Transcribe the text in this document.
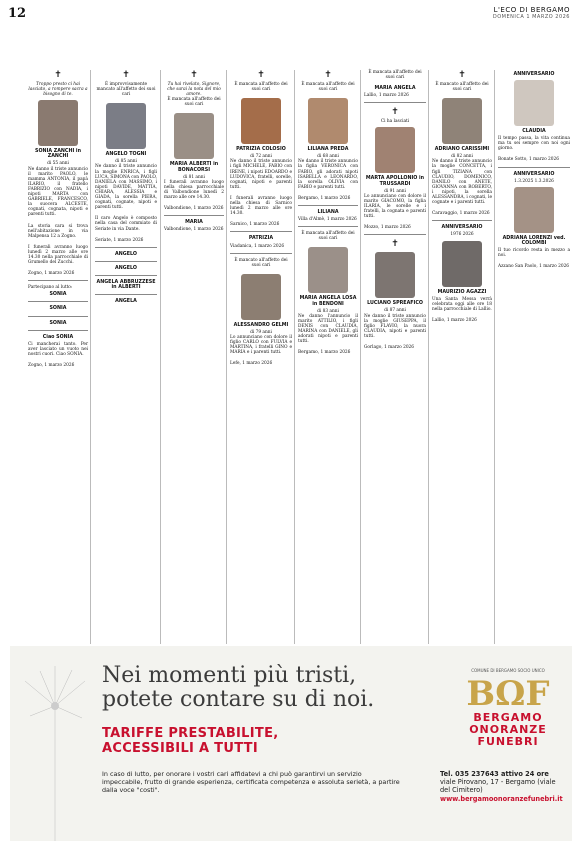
12	L'ECO DI BERGAMO
DOMENICA 1 MARZO 2026
✝
Troppo presto ci hai lasciato, a rompere sacra a bisogno di te.
SONIA ZANCHI in ZANCHI
di 55 anni
Ne danno il triste annuncio il marito PAOLO, le mamma ANTONIA, il papà ILARIO, il fratello FABRIZIO con NADIA, i nipoti MARTA con GABRIELE, FRANCESCO, la suocera ALCESTE, cognati, cognata, nipoti e parenti tutti.
La storia cara si trova nell'abitazione in via Malpensa 12 a Zogno.
I funerali avranno luogo lunedì 2 marzo alle ore 14.30 nella parrocchiale di Grumello del Zucchi.
Zogno, 1 marzo 2026
Partecipano al lutto:
SONIA
SONIA
SONIA
Ciao SONIA
Ci mancherai tanto. Per aver lasciato un vuoto nei nostri cuori. Ciao SONIA.
Zogno, 1 marzo 2026
✝
È improvvisamente mancato all'affetto dei suoi cari
ANGELO TOGNI
di 85 anni
Ne danno il triste annuncio la moglie ENRICA, i figli LUCA, SIMONA con PAOLO, DANIELA con MASSIMO, i nipoti DAVIDE, MATTIA, CHIARA, ALESSIA e GIADA, la sorella PIERA, cognati, cognate, nipoti e parenti tutti.
Il caro Angelo è composto nella casa del commiato di Seriate in via Dante.
Seriate, 1 marzo 2026
ANGELO
ANGELO
ANGELA ABBRUZZESE in ALBERTI
ANGELA
✝
Tu hai rivelato, Signore, che sarai la nota del mio amore.
È mancata all'affetto dei suoi cari
MARIA ALBERTI in BONACORSI
di 81 anni
I funerali avranno luogo nella chiesa parrocchiale di Valbondione lunedì 2 marzo alle ore 14.30.
Valbondione, 1 marzo 2026
MARIA
Valbondione, 1 marzo 2026
✝
È mancata all'affetto dei suoi cari
PATRIZIA COLOSIO
di 72 anni
Ne danno il triste annuncio i figli MICHELE, FABIO con IRENE, i nipoti EDOARDO e LUDOVICA, fratelli, sorelle, cognati, nipoti e parenti tutti.
I funerali avranno luogo nella chiesa di Sarnico lunedì 2 marzo alle ore 14.30.
Sarnico, 1 marzo 2026
PATRIZIA
Viadanica, 1 marzo 2026
È mancato all'affetto dei suoi cari
ALESSANDRO GELMI
di 79 anni
Lo annunciano con dolore il figlio CARLO con FULVIA e MARTINA, i fratelli GINO e MARIA e i parenti tutti.
Lefe, 1 marzo 2026
✝
È mancata all'affetto dei suoi cari
LILIANA PREDA
di 68 anni
Ne danno il triste annuncio la figlia VERONICA con FABIO, gli adorati nipoti ISABELLA e LEONARDO, la sorella OLIVIA con FABIO e parenti tutti.
Bergamo, 1 marzo 2026
LILIANA
Villa d'Almè, 1 marzo 2026
È mancata all'affetto dei suoi cari
MARIA ANGELA LOSA in BENDONI
di 83 anni
Ne danno l'annuncio il marito ATTILIO, i figli DENIS con CLAUDIA, MARINA con DANIELE, gli adorati nipoti e parenti tutti.
Bergamo, 1 marzo 2026
È mancata all'affetto dei suoi cari
MARIA ANGELA
Lallio, 1 marzo 2026
✝
Ci ha lasciati
MARTA APOLLONIO in TRUSSARDI
di 91 anni
Lo annunciano con dolore il marito GIACOMO, la figlia ILARIA, le sorelle e i fratelli, la cognata e parenti tutti.
Mozzo, 1 marzo 2026
✝
LUCIANO SPREAFICO
di 87 anni
Ne danno il triste annuncio la moglie GIUSEPPA, il figlio FLAVIO, la nuora CLAUDIA, nipoti e parenti tutti.
Gorlago, 1 marzo 2026
✝
È mancato all'affetto dei suoi cari
ADRIANO CARISSIMI
di 82 anni
Ne danno il triste annuncio la moglie CONCETTA, i figli TIZIANA con CLAUDIO, DOMENICO, DANILO con ANETE, GIOVANNA con ROBERTO, i nipoti, la sorella ALESSANDRA, i cognati, le cognate e i parenti tutti.
Caravaggio, 1 marzo 2026
ANNIVERSARIO
1976 2026
MAURIZIO AGAZZI
Una Santa Messa verrà celebrata oggi alle ore 18 nella parrocchiale di Lallio.
Lallio, 1 marzo 2026
ANNIVERSARIO
CLAUDIA
Il tempo passa, la vita continua ma tu sei sempre con noi ogni giorno.
Bonate Sotto, 1 marzo 2026
ANNIVERSARIO
1.3.2025 1.3.2026
ADRIANA LORENZI ved. COLOMBI
Il tuo ricordo resta in mezzo a noi.
Azzano San Paolo, 1 marzo 2026
Nei momenti più tristi, potete contare su di noi.
TARIFFE PRESTABILITE, ACCESSIBILI A TUTTI
In caso di lutto, per onorare i vostri cari affidatevi a chi può garantirvi un servizio impeccabile, frutto di grande esperienza, certificata competenza e assoluta serietà, a partire dalla voce "costi".
COMUNE DI BERGAMO SOCIO UNICO
BΩF
BERGAMO
ONORANZE
FUNEBRI
Tel. 035 237643 attivo 24 ore
viale Pirovano, 17 - Bergamo (viale del Cimitero)
www.bergamoonoranzefunebri.it
